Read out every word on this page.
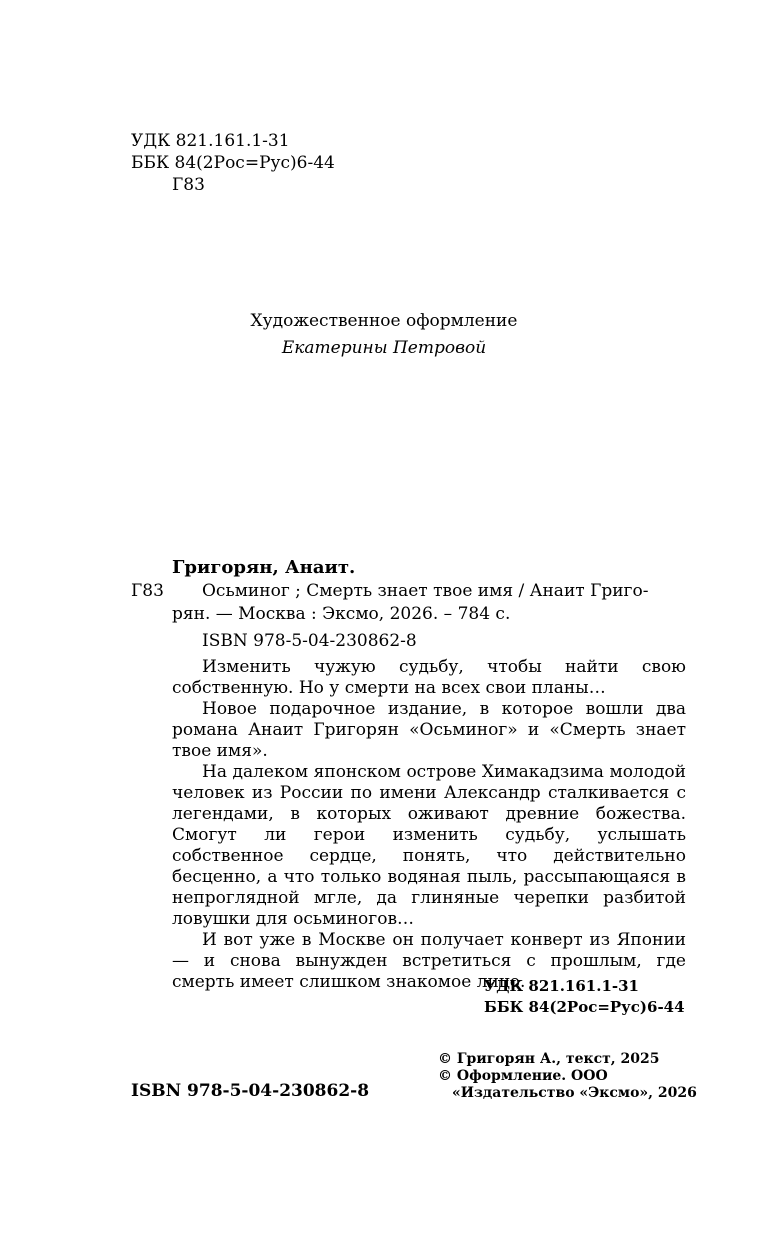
УДК 821.161.1-31
ББК 84(2Рос=Рус)6-44
Г83
Художественное оформление
Екатерины Петровой
Григорян, Анаит.
Г83 Осьминог ; Смерть знает твое имя / Анаит Григо-
рян. — Москва : Эксмо, 2026. – 784 с.
ISBN 978-5-04-230862-8

Изменить чужую судьбу, чтобы найти свою собственную. Но у смерти на всех свои планы…

Новое подарочное издание, в которое вошли два романа Анаит Григорян «Осьминог» и «Смерть знает твое имя».

На далеком японском острове Химакадзима молодой человек из России по имени Александр сталкивается с легендами, в которых оживают древние божества. Смогут ли герои изменить судьбу, услышать собственное сердце, понять, что действительно бесценно, а что только водяная пыль, рассыпающаяся в непроглядной мгле, да глиняные черепки разбитой ловушки для осьминогов…

И вот уже в Москве он получает конверт из Японии — и снова вынужден встретиться с прошлым, где смерть имеет слишком знакомое лицо.

УДК 821.161.1-31
ББК 84(2Рос=Рус)6-44
ISBN 978-5-04-230862-8
© Григорян А., текст, 2025
© Оформление. ООО
«Издательство «Эксмо», 2026
